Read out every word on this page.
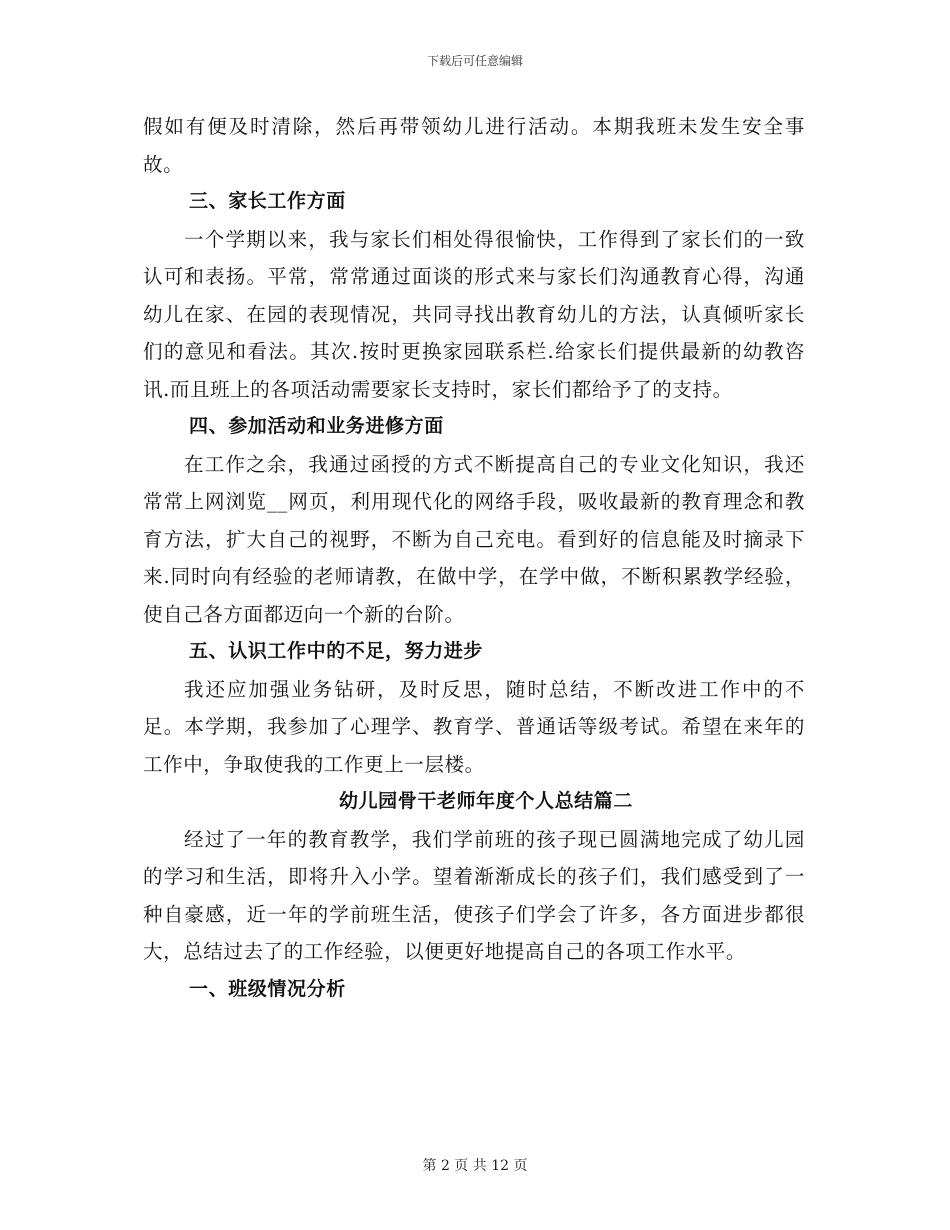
下载后可任意编辑

假如有便及时清除，然后再带领幼儿进行活动。本期我班未发生安全事故。

三、家长工作方面

一个学期以来，我与家长们相处得很愉快，工作得到了家长们的一致认可和表扬。平常，常常通过面谈的形式来与家长们沟通教育心得，沟通幼儿在家、在园的表现情况，共同寻找出教育幼儿的方法，认真倾听家长们的意见和看法。其次.按时更换家园联系栏.给家长们提供最新的幼教咨讯.而且班上的各项活动需要家长支持时，家长们都给予了的支持。

四、参加活动和业务进修方面

在工作之余，我通过函授的方式不断提高自己的专业文化知识，我还常常上网浏览__网页，利用现代化的网络手段，吸收最新的教育理念和教育方法，扩大自己的视野，不断为自己充电。看到好的信息能及时摘录下来.同时向有经验的老师请教，在做中学，在学中做，不断积累教学经验，使自己各方面都迈向一个新的台阶。

五、认识工作中的不足，努力进步

我还应加强业务钻研，及时反思，随时总结，不断改进工作中的不足。本学期，我参加了心理学、教育学、普通话等级考试。希望在来年的工作中，争取使我的工作更上一层楼。

幼儿园骨干老师年度个人总结篇二

经过了一年的教育教学，我们学前班的孩子现已圆满地完成了幼儿园的学习和生活，即将升入小学。望着渐渐成长的孩子们，我们感受到了一种自豪感，近一年的学前班生活，使孩子们学会了许多，各方面进步都很大，总结过去了的工作经验，以便更好地提高自己的各项工作水平。

一、班级情况分析

第 2 页 共 12 页
